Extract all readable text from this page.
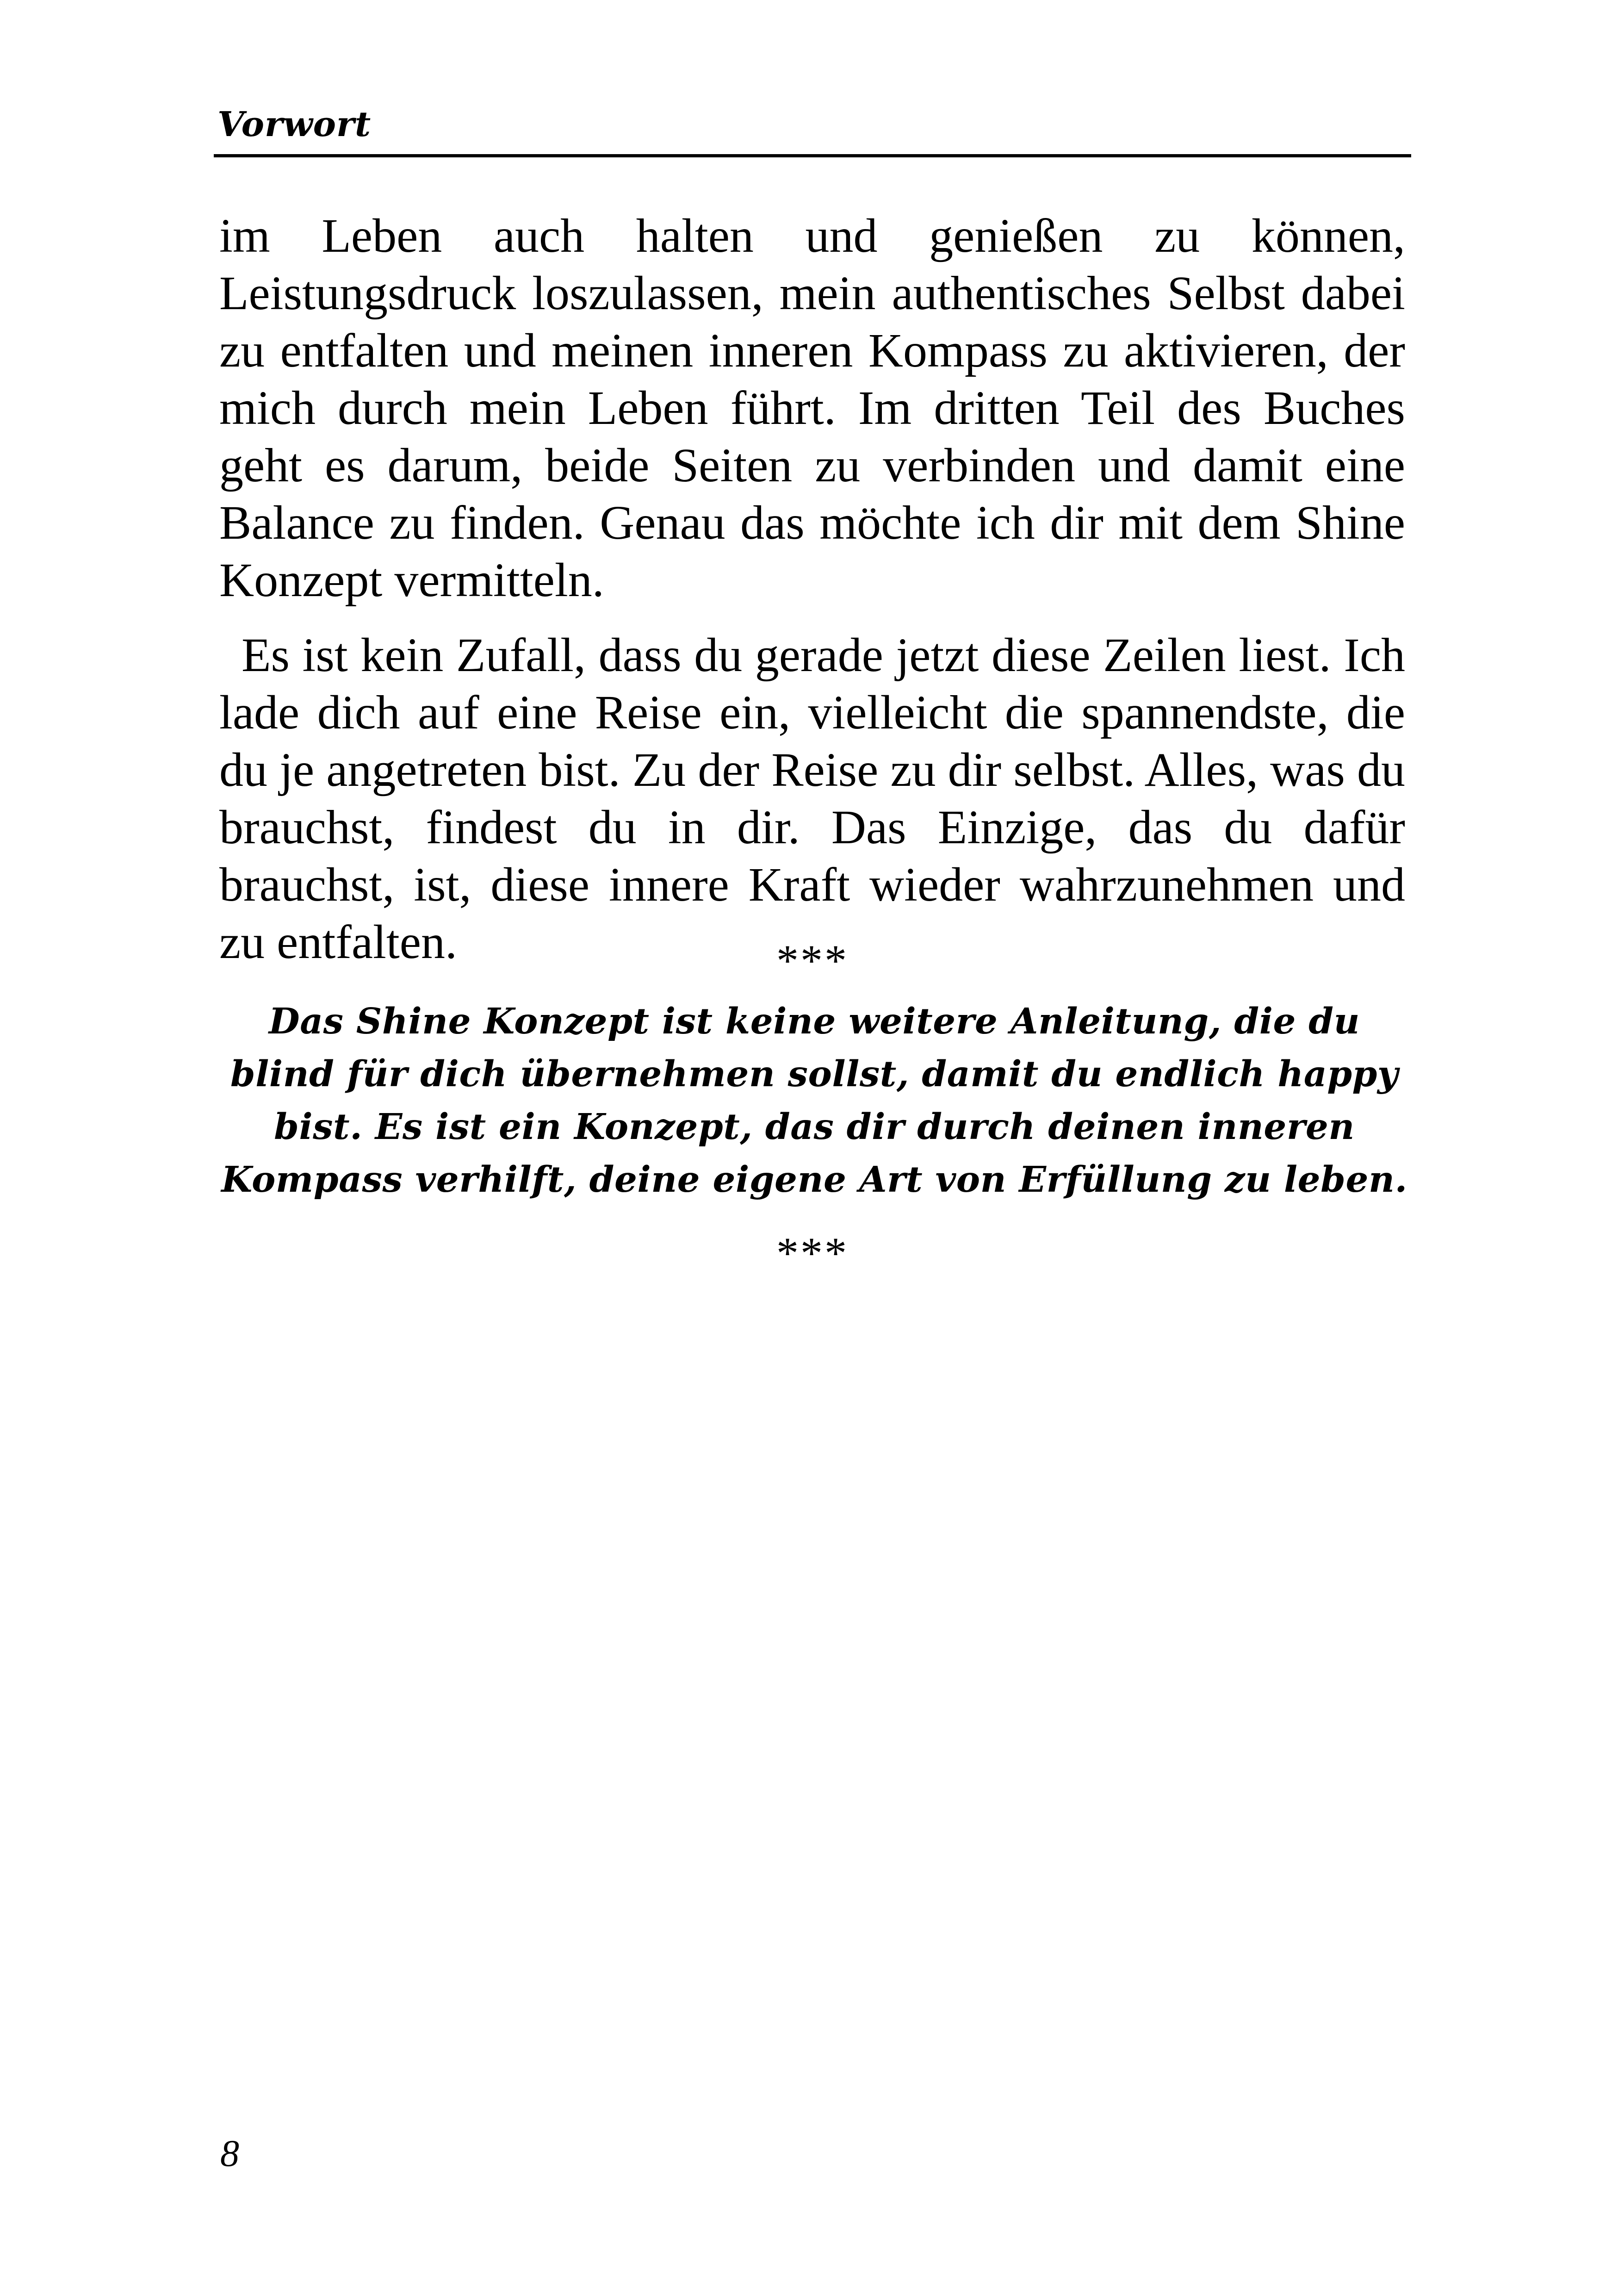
Vorwort

im Leben auch halten und genießen zu können, Leistungsdruck loszulassen, mein authentisches Selbst dabei zu entfalten und meinen inneren Kompass zu aktivieren, der mich durch mein Leben führt. Im dritten Teil des Buches geht es darum, beide Seiten zu verbinden und damit eine Balance zu finden. Genau das möchte ich dir mit dem Shine Konzept vermitteln.

Es ist kein Zufall, dass du gerade jetzt diese Zeilen liest. Ich lade dich auf eine Reise ein, vielleicht die spannendste, die du je angetreten bist. Zu der Reise zu dir selbst. Alles, was du brauchst, findest du in dir. Das Einzige, das du dafür brauchst, ist, diese innere Kraft wieder wahrzunehmen und zu entfalten.	***
Das Shine Konzept ist keine weitere Anleitung, die du blind für dich übernehmen sollst, damit du endlich happy bist. Es ist ein Konzept, das dir durch deinen inneren Kompass verhilft, deine eigene Art von Erfüllung zu leben.
***
8
